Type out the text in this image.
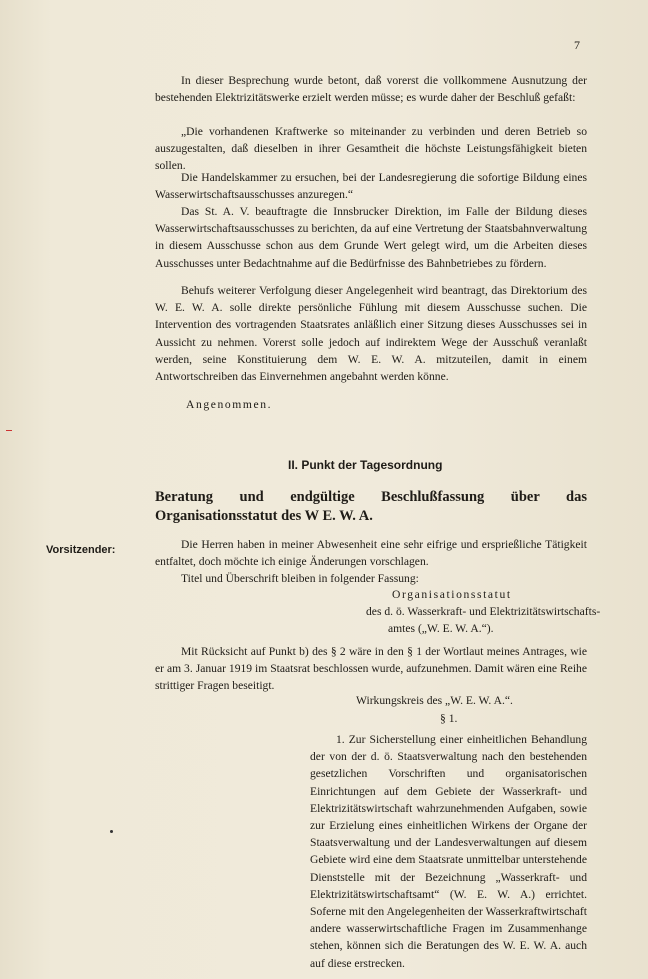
7
In dieser Besprechung wurde betont, daß vorerst die vollkommene Ausnutzung der bestehenden Elektrizitätswerke erzielt werden müsse; es wurde daher der Beschluß gefaßt:
„Die vorhandenen Kraftwerke so miteinander zu verbinden und deren Betrieb so auszugestalten, daß dieselben in ihrer Gesamtheit die höchste Leistungsfähigkeit bieten sollen.
Die Handelskammer zu ersuchen, bei der Landesregierung die sofortige Bildung eines Wasserwirtschaftsausschusses anzuregen.“
Das St. A. V. beauftragte die Innsbrucker Direktion, im Falle der Bildung dieses Wasserwirtschaftsausschusses zu berichten, da auf eine Vertretung der Staatsbahnverwaltung in diesem Ausschusse schon aus dem Grunde Wert gelegt wird, um die Arbeiten dieses Ausschusses unter Bedachtnahme auf die Bedürfnisse des Bahnbetriebes zu fördern.
Behufs weiterer Verfolgung dieser Angelegenheit wird beantragt, das Direktorium des W. E. W. A. solle direkte persönliche Fühlung mit diesem Ausschusse suchen. Die Intervention des vortragenden Staatsrates anläßlich einer Sitzung dieses Ausschusses sei in Aussicht zu nehmen. Vorerst solle jedoch auf indirektem Wege der Ausschuß veranlaßt werden, seine Konstituierung dem W. E. W. A. mitzuteilen, damit in einem Antwortschreiben das Einvernehmen angebahnt werden könne.
Angenommen.
II. Punkt der Tagesordnung
Beratung und endgültige Beschlußfassung über das Organisationsstatut des W E. W. A.
Vorsitzender:	Die Herren haben in meiner Abwesenheit eine sehr eifrige und ersprießliche Tätigkeit entfaltet, doch möchte ich einige Änderungen vorschlagen.
Titel und Überschrift bleiben in folgender Fassung:
Organisationsstatut
des d. ö. Wasserkraft- und Elektrizitätswirtschafts-
amtes („W. E. W. A.“).
Mit Rücksicht auf Punkt b) des § 2 wäre in den § 1 der Wortlaut meines Antrages, wie er am 3. Januar 1919 im Staatsrat beschlossen wurde, aufzunehmen. Damit wären eine Reihe strittiger Fragen beseitigt.
Wirkungskreis des „W. E. W. A.“.
§ 1.
1. Zur Sicherstellung einer einheitlichen Behandlung der von der d. ö. Staatsverwaltung nach den bestehenden gesetzlichen Vorschriften und organisatorischen Einrichtungen auf dem Gebiete der Wasserkraft- und Elektrizitätswirtschaft wahrzunehmenden Aufgaben, sowie zur Erzielung eines einheitlichen Wirkens der Organe der Staatsverwaltung und der Landesverwaltungen auf diesem Gebiete wird eine dem Staatsrate unmittelbar unterstehende Dienststelle mit der Bezeichnung „Wasserkraft- und Elektrizitätswirtschaftsamt“ (W. E. W. A.) errichtet. Soferne mit den Angelegenheiten der Wasserkraftwirtschaft andere wasserwirtschaftliche Fragen im Zusammenhange stehen, können sich die Beratungen des W. E. W. A. auch auf diese erstrecken.
